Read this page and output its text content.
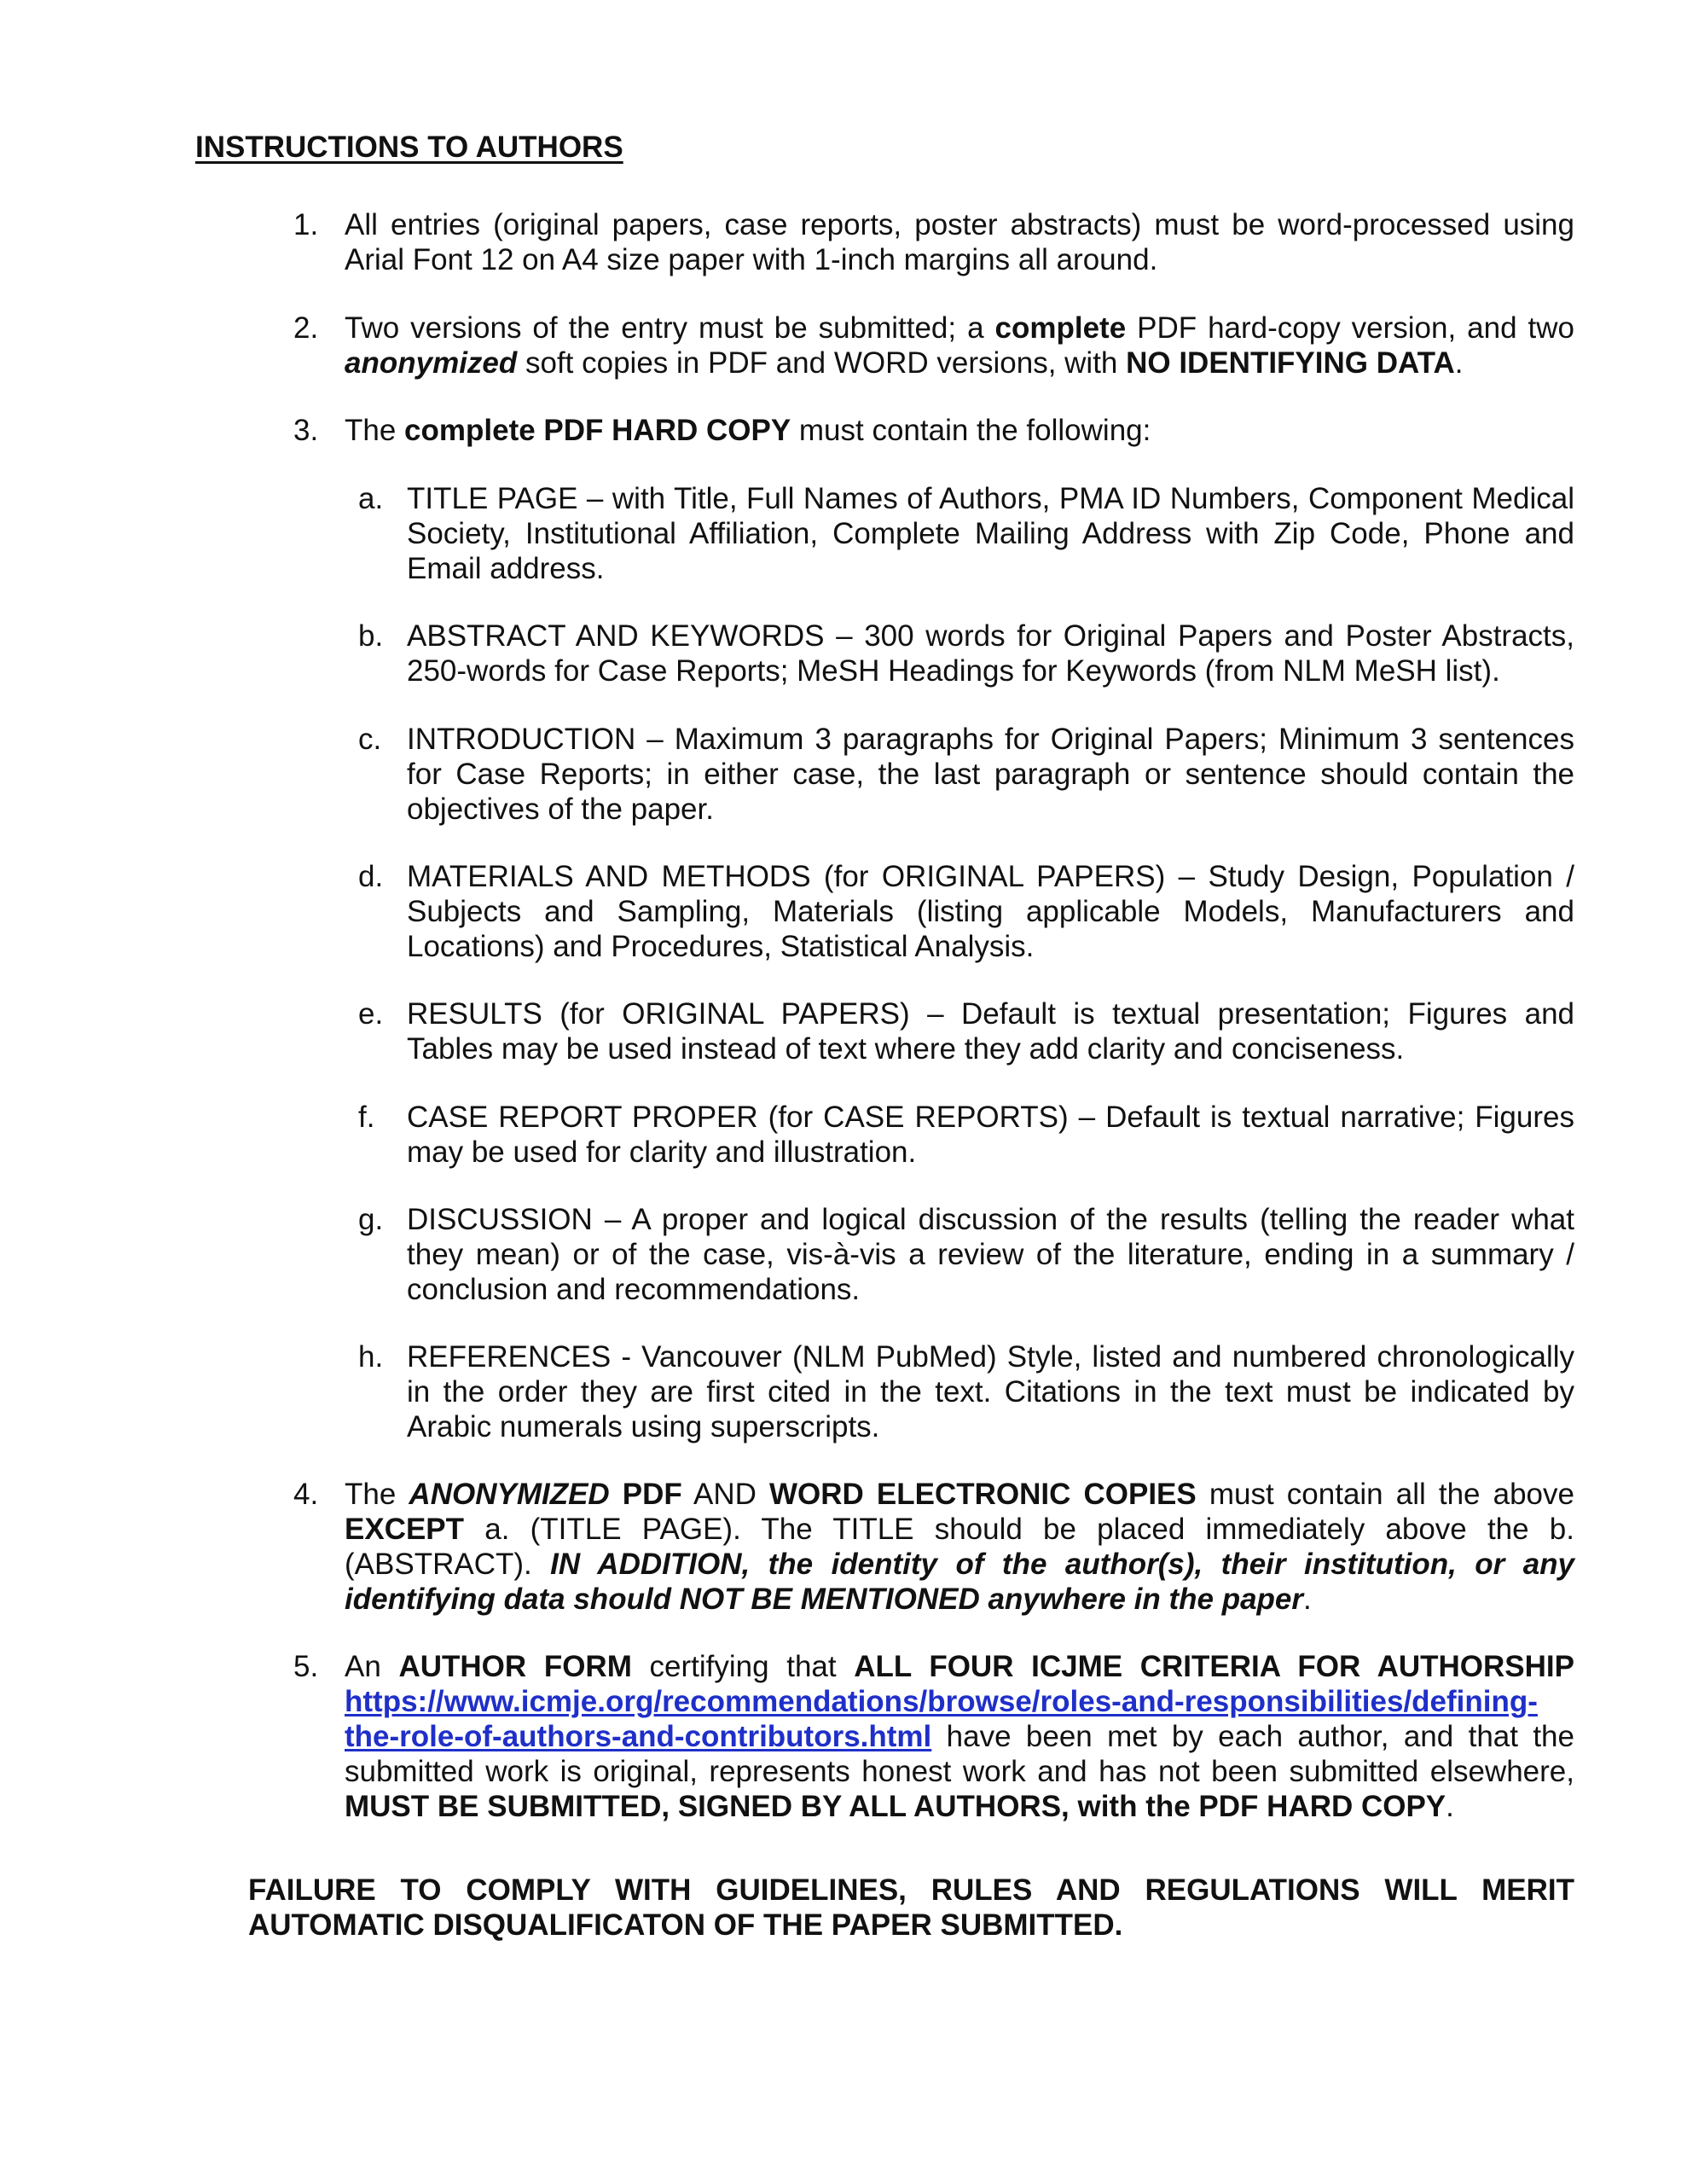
INSTRUCTIONS TO AUTHORS
1. All entries (original papers, case reports, poster abstracts) must be word-processed using Arial Font 12 on A4 size paper with 1-inch margins all around.
2. Two versions of the entry must be submitted; a complete PDF hard-copy version, and two anonymized soft copies in PDF and WORD versions, with NO IDENTIFYING DATA.
3. The complete PDF HARD COPY must contain the following:
a. TITLE PAGE – with Title, Full Names of Authors, PMA ID Numbers, Component Medical Society, Institutional Affiliation, Complete Mailing Address with Zip Code, Phone and Email address.
b. ABSTRACT AND KEYWORDS – 300 words for Original Papers and Poster Abstracts, 250-words for Case Reports; MeSH Headings for Keywords (from NLM MeSH list).
c. INTRODUCTION – Maximum 3 paragraphs for Original Papers; Minimum 3 sentences for Case Reports; in either case, the last paragraph or sentence should contain the objectives of the paper.
d. MATERIALS AND METHODS (for ORIGINAL PAPERS) – Study Design, Population / Subjects and Sampling, Materials (listing applicable Models, Manufacturers and Locations) and Procedures, Statistical Analysis.
e. RESULTS (for ORIGINAL PAPERS) – Default is textual presentation; Figures and Tables may be used instead of text where they add clarity and conciseness.
f. CASE REPORT PROPER (for CASE REPORTS) – Default is textual narrative; Figures may be used for clarity and illustration.
g. DISCUSSION – A proper and logical discussion of the results (telling the reader what they mean) or of the case, vis-à-vis a review of the literature, ending in a summary / conclusion and recommendations.
h. REFERENCES - Vancouver (NLM PubMed) Style, listed and numbered chronologically in the order they are first cited in the text. Citations in the text must be indicated by Arabic numerals using superscripts.
4. The ANONYMIZED PDF AND WORD ELECTRONIC COPIES must contain all the above EXCEPT a. (TITLE PAGE). The TITLE should be placed immediately above the b. (ABSTRACT). IN ADDITION, the identity of the author(s), their institution, or any identifying data should NOT BE MENTIONED anywhere in the paper.
5. An AUTHOR FORM certifying that ALL FOUR ICJME CRITERIA FOR AUTHORSHIP https://www.icmje.org/recommendations/browse/roles-and-responsibilities/defining-the-role-of-authors-and-contributors.html have been met by each author, and that the submitted work is original, represents honest work and has not been submitted elsewhere, MUST BE SUBMITTED, SIGNED BY ALL AUTHORS, with the PDF HARD COPY.
FAILURE TO COMPLY WITH GUIDELINES, RULES AND REGULATIONS WILL MERIT AUTOMATIC DISQUALIFICATON OF THE PAPER SUBMITTED.
